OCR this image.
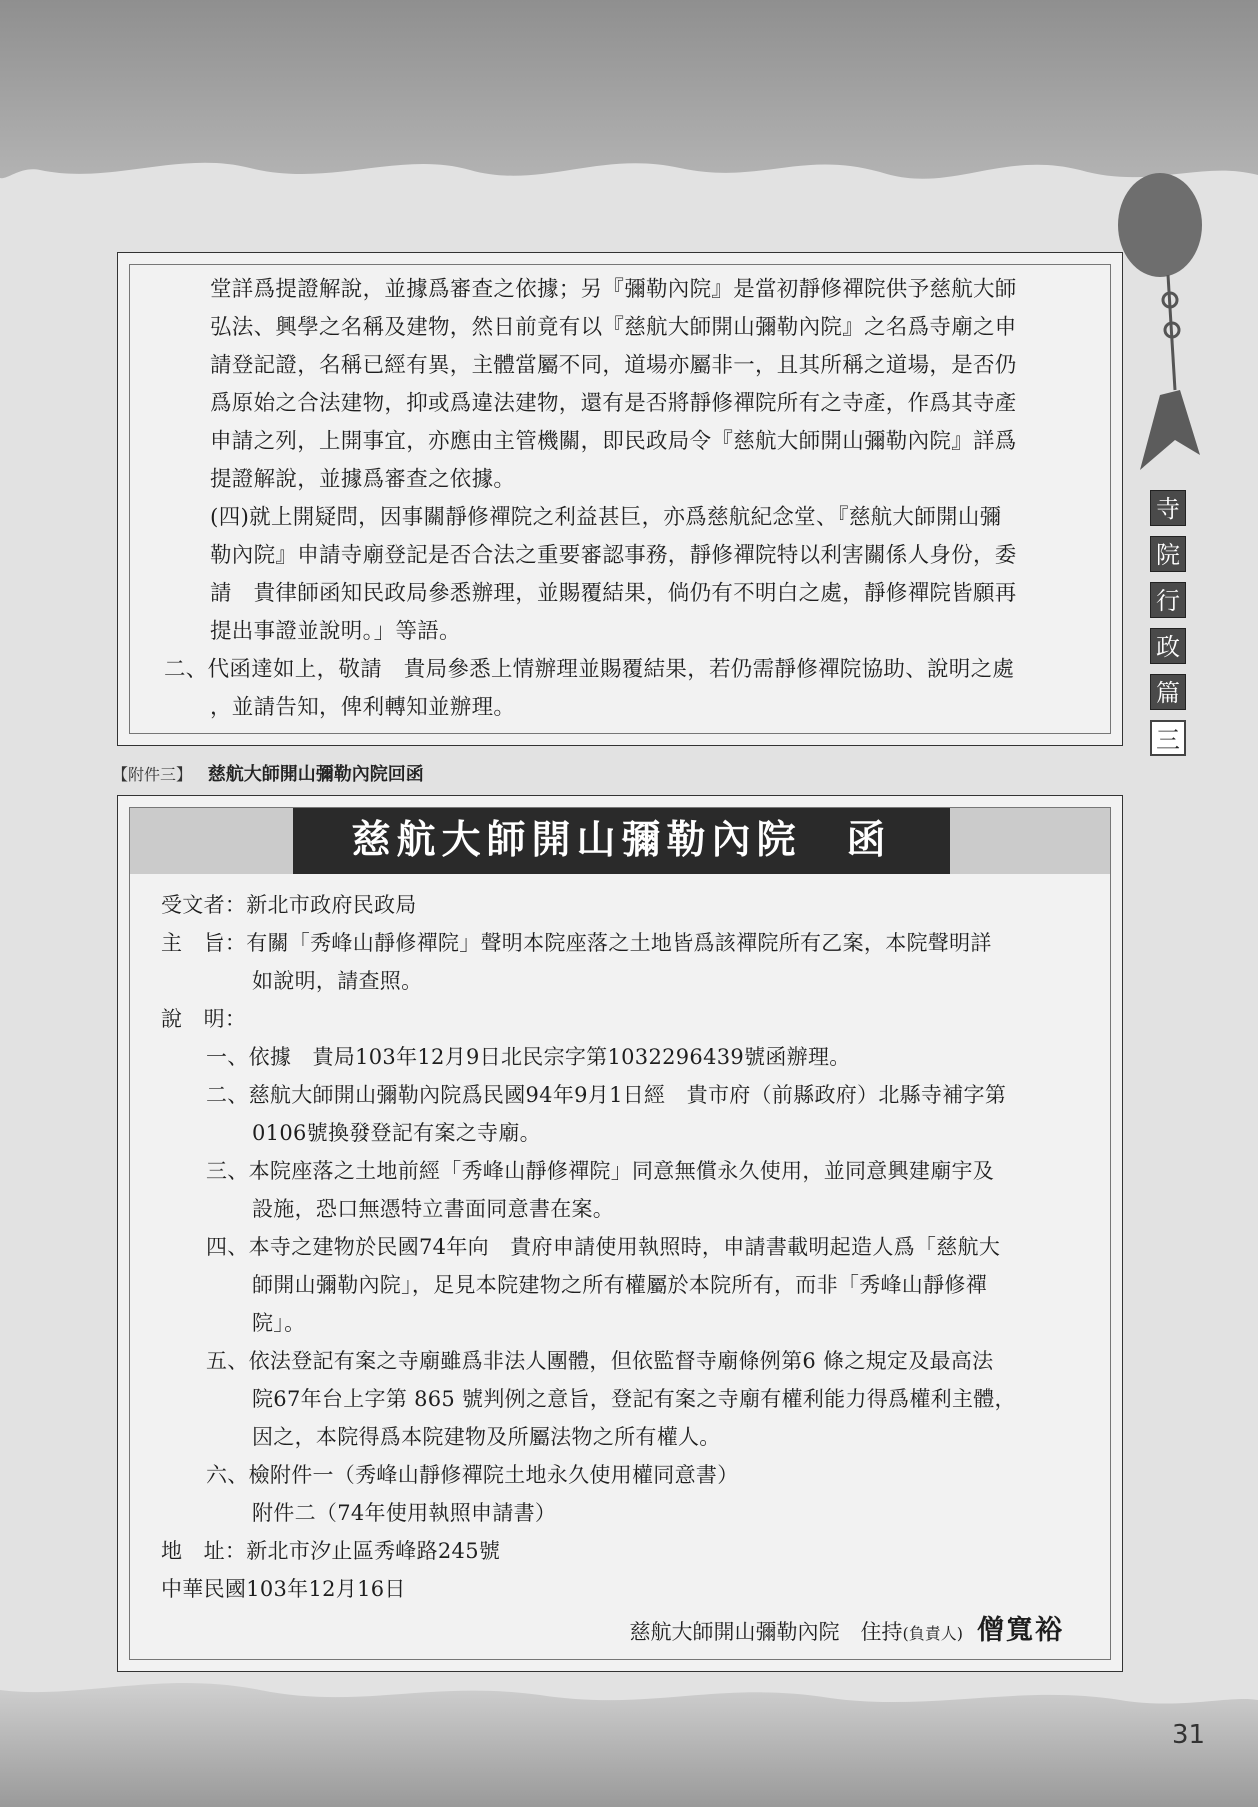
堂詳爲提證解說，並據爲審查之依據；另『彌勒內院』是當初靜修禪院供予慈航大師
弘法、興學之名稱及建物，然日前竟有以『慈航大師開山彌勒內院』之名爲寺廟之申
請登記證，名稱已經有異，主體當屬不同，道場亦屬非一，且其所稱之道場，是否仍
爲原始之合法建物，抑或爲違法建物，還有是否將靜修禪院所有之寺產，作爲其寺產
申請之列，上開事宜，亦應由主管機關，即民政局令『慈航大師開山彌勒內院』詳爲
提證解說，並據爲審查之依據。
(四)就上開疑問，因事關靜修禪院之利益甚巨，亦爲慈航紀念堂、『慈航大師開山彌
勒內院』申請寺廟登記是否合法之重要審認事務，靜修禪院特以利害關係人身份，委
請　貴律師函知民政局參悉辦理，並賜覆結果，倘仍有不明白之處，靜修禪院皆願再
提出事證並說明。」等語。
二、代函達如上，敬請　貴局參悉上情辦理並賜覆結果，若仍需靜修禪院協助、說明之處
，並請告知，俾利轉知並辦理。
【附件三】 慈航大師開山彌勒內院回函
慈航大師開山彌勒內院　函
受文者：新北市政府民政局
主　旨：有關「秀峰山靜修禪院」聲明本院座落之土地皆爲該禪院所有乙案，本院聲明詳
如說明，請查照。
說　明：
一、依據　貴局103年12月9日北民宗字第1032296439號函辦理。
二、慈航大師開山彌勒內院爲民國94年9月1日經　貴市府（前縣政府）北縣寺補字第
0106號換發登記有案之寺廟。
三、本院座落之土地前經「秀峰山靜修禪院」同意無償永久使用，並同意興建廟宇及
設施，恐口無憑特立書面同意書在案。
四、本寺之建物於民國74年向　貴府申請使用執照時，申請書載明起造人爲「慈航大
師開山彌勒內院」，足見本院建物之所有權屬於本院所有，而非「秀峰山靜修禪
院」。
五、依法登記有案之寺廟雖爲非法人團體，但依監督寺廟條例第6 條之規定及最高法
院67年台上字第 865 號判例之意旨，登記有案之寺廟有權利能力得爲權利主體，
因之，本院得爲本院建物及所屬法物之所有權人。
六、檢附件一（秀峰山靜修禪院土地永久使用權同意書）
附件二（74年使用執照申請書）
地　址：新北市汐止區秀峰路245號
中華民國103年12月16日
慈航大師開山彌勒內院　住持(負責人) 僧寬裕
寺
院
行
政
篇
三
31
